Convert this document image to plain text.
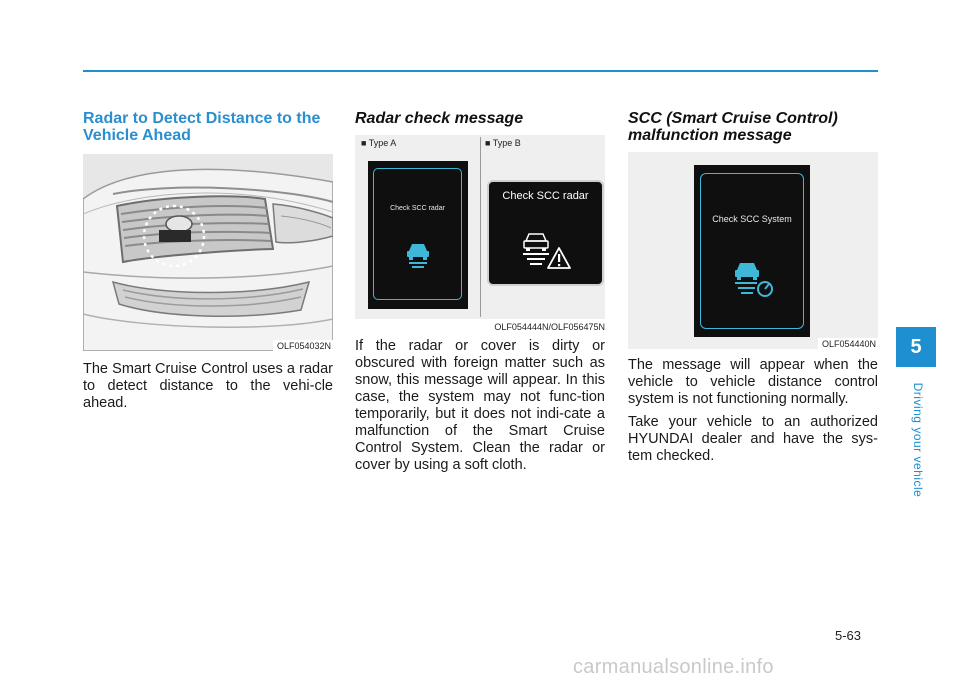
Radar to Detect Distance to the Vehicle Ahead
OLF054032N

The Smart Cruise Control uses a radar to detect distance to the vehi-cle ahead.

Radar check message
■ Type A	■ Type B
Check SCC radar
Check SCC radar
OLF054444N/OLF056475N

If the radar or cover is dirty or obscured with foreign matter such as snow, this message will appear. In this case, the system may not func-tion temporarily, but it does not indi-cate a malfunction of the Smart Cruise Control System. Clean the radar or cover by using a soft cloth.

SCC (Smart Cruise Control) malfunction message
Check SCC System
OLF054440N

The message will appear when the vehicle to vehicle distance control system is not functioning normally.

Take your vehicle to an authorized HYUNDAI dealer and have the sys-tem checked.

5
Driving your vehicle
5-63
carmanualsonline.info
